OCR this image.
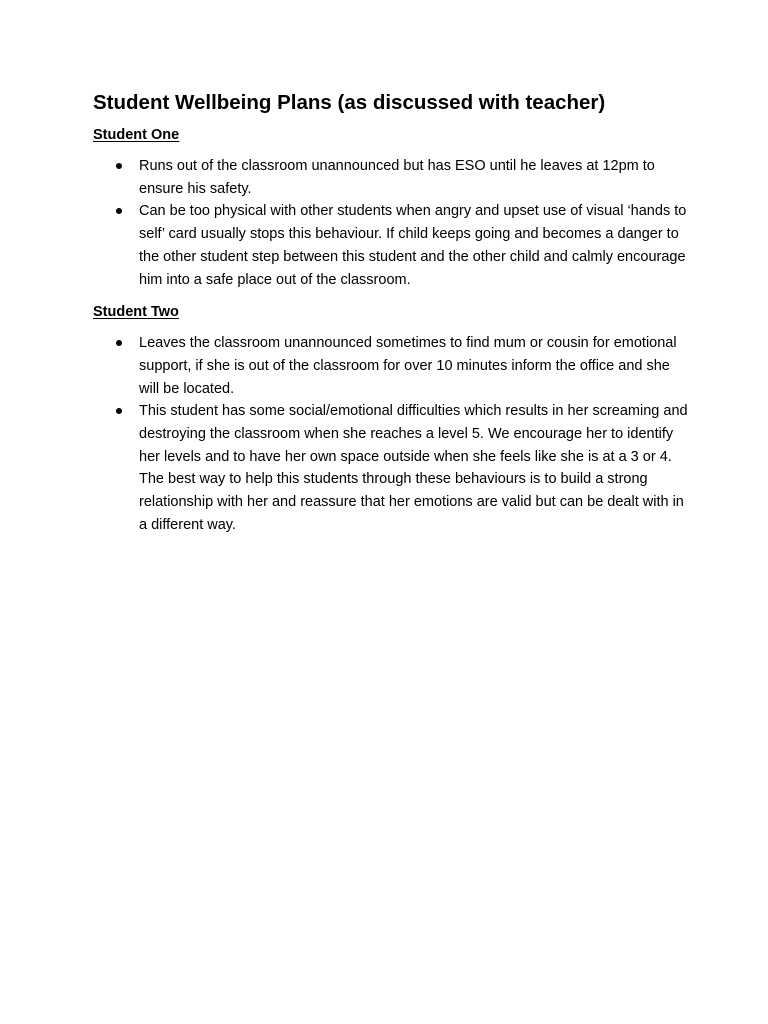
Student Wellbeing Plans (as discussed with teacher)
Student One
Runs out of the classroom unannounced but has ESO until he leaves at 12pm to ensure his safety.
Can be too physical with other students when angry and upset use of visual ‘hands to self’ card usually stops this behaviour. If child keeps going and becomes a danger to the other student step between this student and the other child and calmly encourage him into a safe place out of the classroom.
Student Two
Leaves the classroom unannounced sometimes to find mum or cousin for emotional support, if she is out of the classroom for over 10 minutes inform the office and she will be located.
This student has some social/emotional difficulties which results in her screaming and destroying the classroom when she reaches a level 5. We encourage her to identify her levels and to have her own space outside when she feels like she is at a 3 or 4. The best way to help this students through these behaviours is to build a strong relationship with her and reassure that her emotions are valid but can be dealt with in a different way.
